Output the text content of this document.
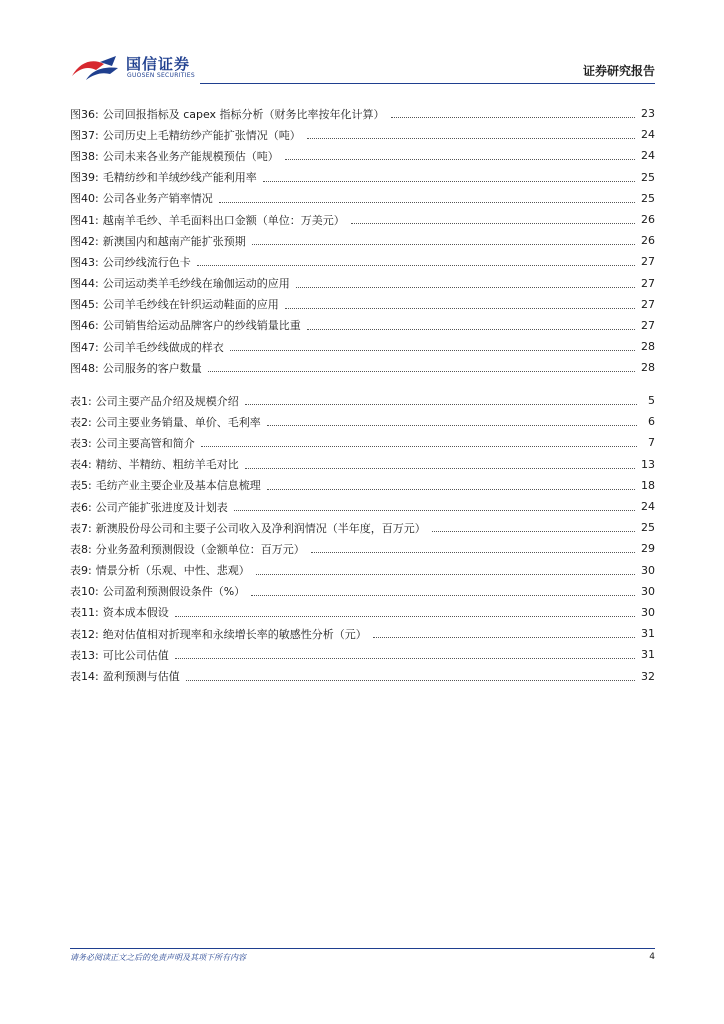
国信证券
GUOSEN SECURITIES	证券研究报告
图36: 公司回报指标及 capex 指标分析（财务比率按年化计算）	23
图37: 公司历史上毛精纺纱产能扩张情况（吨）	24
图38: 公司未来各业务产能规模预估（吨）	24
图39: 毛精纺纱和羊绒纱线产能利用率	25
图40: 公司各业务产销率情况	25
图41: 越南羊毛纱、羊毛面料出口金额（单位：万美元）	26
图42: 新澳国内和越南产能扩张预期	26
图43: 公司纱线流行色卡	27
图44: 公司运动类羊毛纱线在瑜伽运动的应用	27
图45: 公司羊毛纱线在针织运动鞋面的应用	27
图46: 公司销售给运动品牌客户的纱线销量比重	27
图47: 公司羊毛纱线做成的样衣	28
图48: 公司服务的客户数量	28
表1: 公司主要产品介绍及规模介绍	5
表2: 公司主要业务销量、单价、毛利率	6
表3: 公司主要高管和简介	7
表4: 精纺、半精纺、粗纺羊毛对比	13
表5: 毛纺产业主要企业及基本信息梳理	18
表6: 公司产能扩张进度及计划表	24
表7: 新澳股份母公司和主要子公司收入及净利润情况（半年度，百万元）	25
表8: 分业务盈利预测假设（金额单位：百万元）	29
表9: 情景分析（乐观、中性、悲观）	30
表10: 公司盈利预测假设条件（%）	30
表11: 资本成本假设	30
表12: 绝对估值相对折现率和永续增长率的敏感性分析（元）	31
表13: 可比公司估值	31
表14: 盈利预测与估值	32
请务必阅读正文之后的免责声明及其项下所有内容	4
